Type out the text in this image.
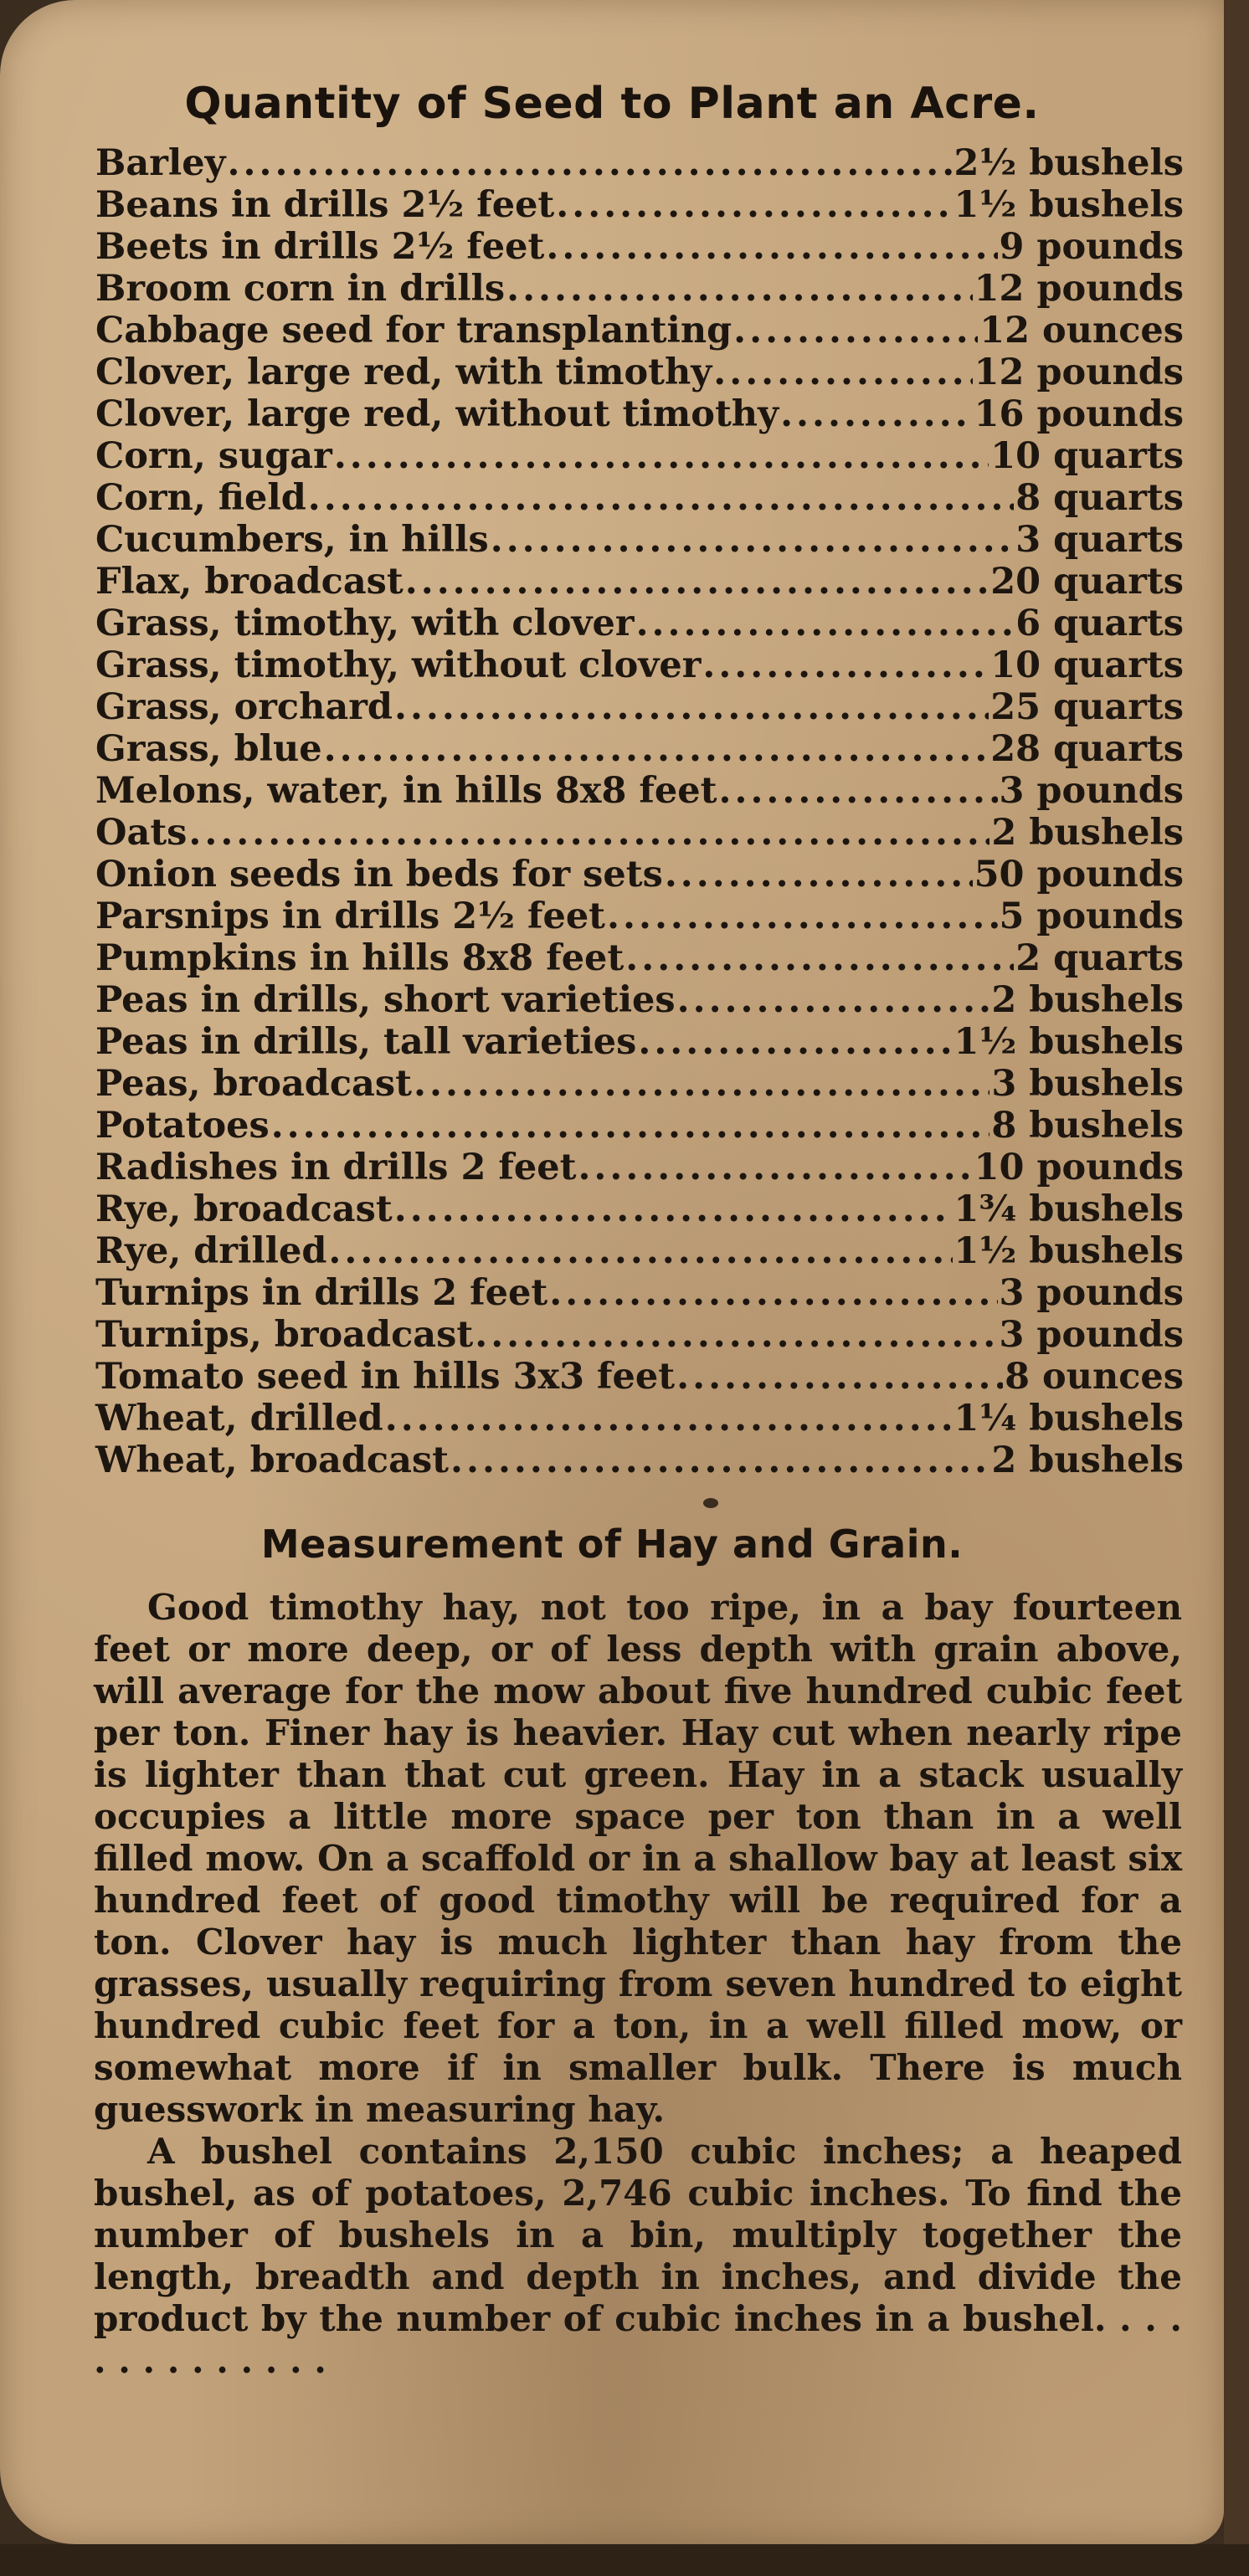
Quantity of Seed to Plant an Acre.
Barley .....	2½ bushels
Beans in drills 2½ feet .....	1½ bushels
Beets in drills 2½ feet .....	9 pounds
Broom corn in drills .....	12 pounds
Cabbage seed for transplanting .....	12 ounces
Clover, large red, with timothy .....	12 pounds
Clover, large red, without timothy .....	16 pounds
Corn, sugar .....	10 quarts
Corn, field .....	8 quarts
Cucumbers, in hills .....	3 quarts
Flax, broadcast .....	20 quarts
Grass, timothy, with clover .....	6 quarts
Grass, timothy, without clover .....	10 quarts
Grass, orchard .....	25 quarts
Grass, blue .....	28 quarts
Melons, water, in hills 8x8 feet .....	3 pounds
Oats .....	2 bushels
Onion seeds in beds for sets .....	50 pounds
Parsnips in drills 2½ feet .....	5 pounds
Pumpkins in hills 8x8 feet .....	2 quarts
Peas in drills, short varieties .....	2 bushels
Peas in drills, tall varieties .....	1½ bushels
Peas, broadcast .....	3 bushels
Potatoes .....	8 bushels
Radishes in drills 2 feet .....	10 pounds
Rye, broadcast .....	1¾ bushels
Rye, drilled .....	1½ bushels
Turnips in drills 2 feet .....	3 pounds
Turnips, broadcast .....	3 pounds
Tomato seed in hills 3x3 feet .....	8 ounces
Wheat, drilled .....	1¼ bushels
Wheat, broadcast .....	2 bushels
Measurement of Hay and Grain.

Good timothy hay, not too ripe, in a bay fourteen feet or more deep, or of less depth with grain above, will average for the mow about five hundred cubic feet per ton. Finer hay is heavier. Hay cut when nearly ripe is lighter than that cut green. Hay in a stack usually occupies a little more space per ton than in a well filled mow. On a scaffold or in a shallow bay at least six hundred feet of good timothy will be required for a ton. Clover hay is much lighter than hay from the grasses, usually requiring from seven hundred to eight hundred cubic feet for a ton, in a well filled mow, or somewhat more if in smaller bulk. There is much guesswork in measuring hay.

A bushel contains 2,150 cubic inches; a heaped bushel, as of potatoes, 2,746 cubic inches. To find the number of bushels in a bin, multiply together the length, breadth and depth in inches, and divide the product by the number of cubic inches in a bushel. . . . . . . . . . . . . .
